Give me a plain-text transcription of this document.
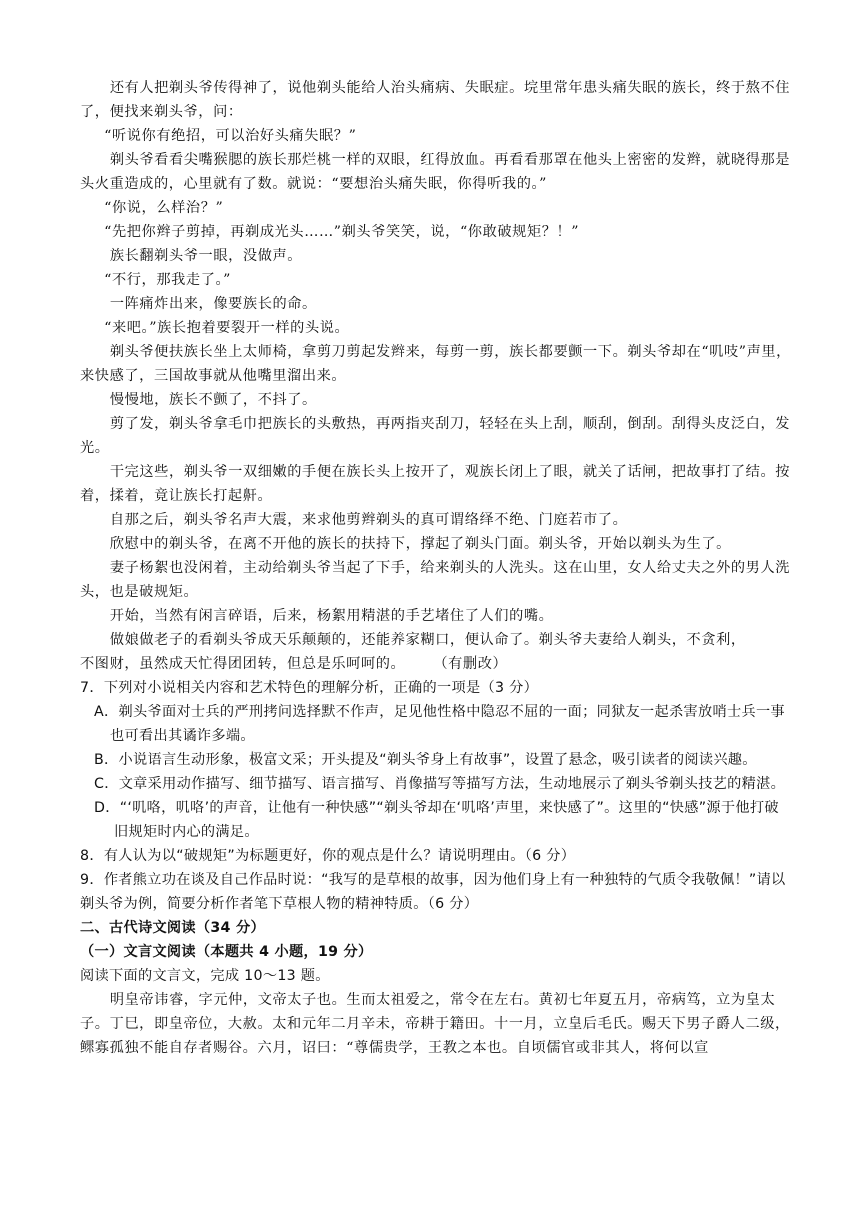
还有人把剃头爷传得神了，说他剃头能给人治头痛病、失眠症。垸里常年患头痛失眠的族长，终于熬不住了，便找来剃头爷，问：

“听说你有绝招，可以治好头痛失眠？”

剃头爷看看尖嘴猴腮的族长那烂桃一样的双眼，红得放血。再看看那罩在他头上密密的发辫，就晓得那是头火重造成的，心里就有了数。就说：“要想治头痛失眠，你得听我的。”

“你说，么样治？”

“先把你辫子剪掉，再剃成光头……”剃头爷笑笑，说，“你敢破规矩？！”

族长翻剃头爷一眼，没做声。

“不行，那我走了。”

一阵痛炸出来，像要族长的命。

“来吧。”族长抱着要裂开一样的头说。

剃头爷便扶族长坐上太师椅，拿剪刀剪起发辫来，每剪一剪，族长都要颤一下。剃头爷却在“叽吱”声里，来快感了，三国故事就从他嘴里溜出来。

慢慢地，族长不颤了，不抖了。

剪了发，剃头爷拿毛巾把族长的头敷热，再两指夹刮刀，轻轻在头上刮，顺刮，倒刮。刮得头皮泛白，发光。

干完这些，剃头爷一双细嫩的手便在族长头上按开了，观族长闭上了眼，就关了话闸，把故事打了结。按着，揉着，竟让族长打起鼾。

自那之后，剃头爷名声大震，来求他剪辫剃头的真可谓络绎不绝、门庭若市了。

欣慰中的剃头爷，在离不开他的族长的扶持下，撑起了剃头门面。剃头爷，开始以剃头为生了。

妻子杨絮也没闲着，主动给剃头爷当起了下手，给来剃头的人洗头。这在山里，女人给丈夫之外的男人洗头，也是破规矩。

开始，当然有闲言碎语，后来，杨絮用精湛的手艺堵住了人们的嘴。

做娘做老子的看剃头爷成天乐颠颠的，还能养家糊口，便认命了。剃头爷夫妻给人剃头，不贪利，

不图财，虽然成天忙得团团转，但总是乐呵呵的。 （有删改）

7．下列对小说相关内容和艺术特色的理解分析，正确的一项是（3 分）

A．剃头爷面对士兵的严刑拷问选择默不作声，足见他性格中隐忍不屈的一面；同狱友一起杀害放哨士兵一事也可看出其谲诈多端。

B．小说语言生动形象，极富文采；开头提及“剃头爷身上有故事”，设置了悬念，吸引读者的阅读兴趣。

C．文章采用动作描写、细节描写、语言描写、肖像描写等描写方法，生动地展示了剃头爷剃头技艺的精湛。

D．“‘叽咯，叽咯’的声音，让他有一种快感”“剃头爷却在‘叽咯’声里，来快感了”。这里的“快感”源于他打破旧规矩时内心的满足。

8．有人认为以“破规矩”为标题更好，你的观点是什么？请说明理由。（6 分）

9．作者熊立功在谈及自己作品时说：“我写的是草根的故事，因为他们身上有一种独特的气质令我敬佩！”请以剃头爷为例，简要分析作者笔下草根人物的精神特质。（6 分）

二、古代诗文阅读（34 分）

（一）文言文阅读（本题共 4 小题，19 分）

阅读下面的文言文，完成 10～13 题。

明皇帝讳睿，字元仲，文帝太子也。生而太祖爱之，常令在左右。黄初七年夏五月，帝病笃，立为皇太子。丁巳，即皇帝位，大赦。太和元年二月辛未，帝耕于籍田。十一月，立皇后毛氏。赐天下男子爵人二级，鳏寡孤独不能自存者赐谷。六月，诏曰：“尊儒贵学，王教之本也。自顷儒官或非其人，将何以宣
